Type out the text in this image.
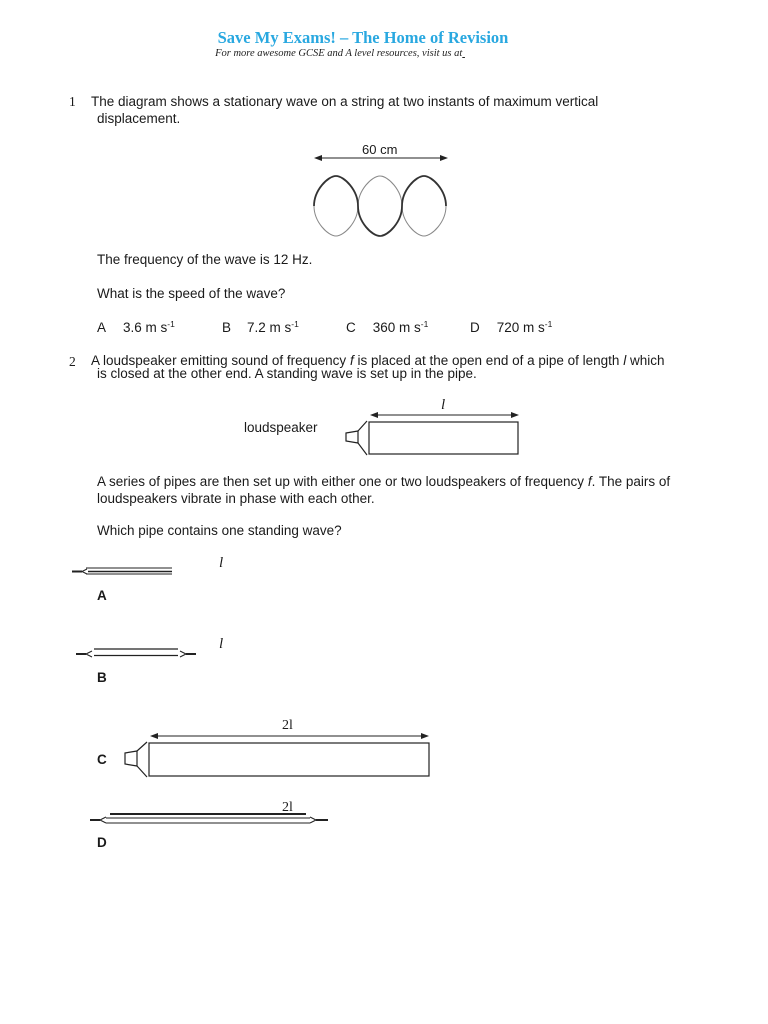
Save My Exams! – The Home of Revision
For more awesome GCSE and A level resources, visit us at
1 The diagram shows a stationary wave on a string at two instants of maximum vertical
displacement.
60 cm
The frequency of the wave is 12 Hz.
What is the speed of the wave?
A 3.6 m $s^{-1}$	B 7.2 m $s^{-1}$	C 360 m $s^{-1}$	D 720 m $s^{-1}$
2 A loudspeaker emitting sound of frequency f is placed at the open end of a pipe of length l which
is closed at the other end. A standing wave is set up in the pipe.
loudspeaker
l
A series of pipes are then set up with either one or two loudspeakers of frequency f. The pairs of
loudspeakers vibrate in phase with each other.
Which pipe contains one standing wave?
l
A
l
B
2l
C
2l
D
